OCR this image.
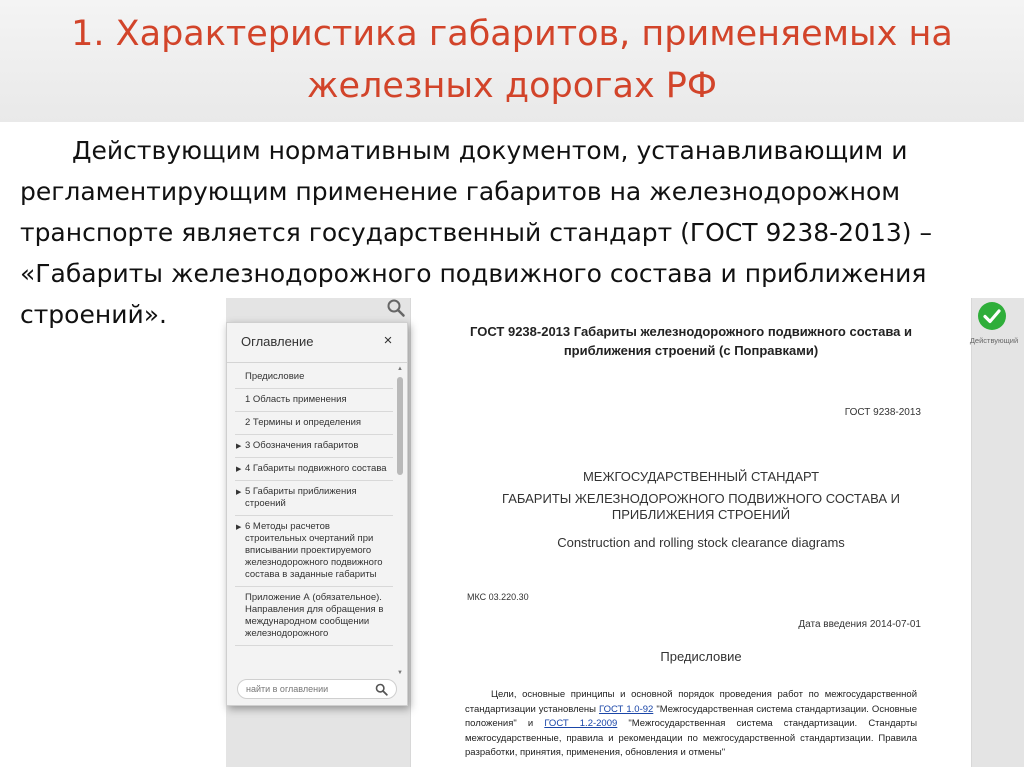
1. Характеристика габаритов, применяемых на железных дорогах РФ
Действующим нормативным документом, устанавливающим и
регламентирующим применение габаритов на железнодорожном
транспорте является государственный стандарт (ГОСТ 9238-2013) –
«Габариты железнодорожного подвижного состава и приближения
строений».
ГОСТ 9238-2013 Габариты железнодорожного подвижного состава и приближения строений (с Поправками)
ГОСТ 9238-2013
МЕЖГОСУДАРСТВЕННЫЙ СТАНДАРТ
ГАБАРИТЫ ЖЕЛЕЗНОДОРОЖНОГО ПОДВИЖНОГО СОСТАВА И ПРИБЛИЖЕНИЯ СТРОЕНИЙ
Construction and rolling stock clearance diagrams
МКС 03.220.30
Дата введения 2014-07-01
Предисловие
Цели, основные принципы и основной порядок проведения работ по межгосударственной стандартизации установлены ГОСТ 1.0-92 "Межгосударственная система стандартизации. Основные положения" и ГОСТ 1.2-2009 "Межгосударственная система стандартизации. Стандарты межгосударственные, правила и рекомендации по межгосударственной стандартизации. Правила разработки, принятия, применения, обновления и отмены"
Действующий
Оглавление	×
Предисловие
1 Область применения
2 Термины и определения
▶ 3 Обозначения габаритов
▶ 4 Габариты подвижного состава
▶ 5 Габариты приближения строений
▶ 6 Методы расчетов строительных очертаний при вписывании проектируемого железнодорожного подвижного состава в заданные габариты
Приложение А (обязательное). Направления для обращения в международном сообщении железнодорожного
▲
▼
найти в оглавлении
